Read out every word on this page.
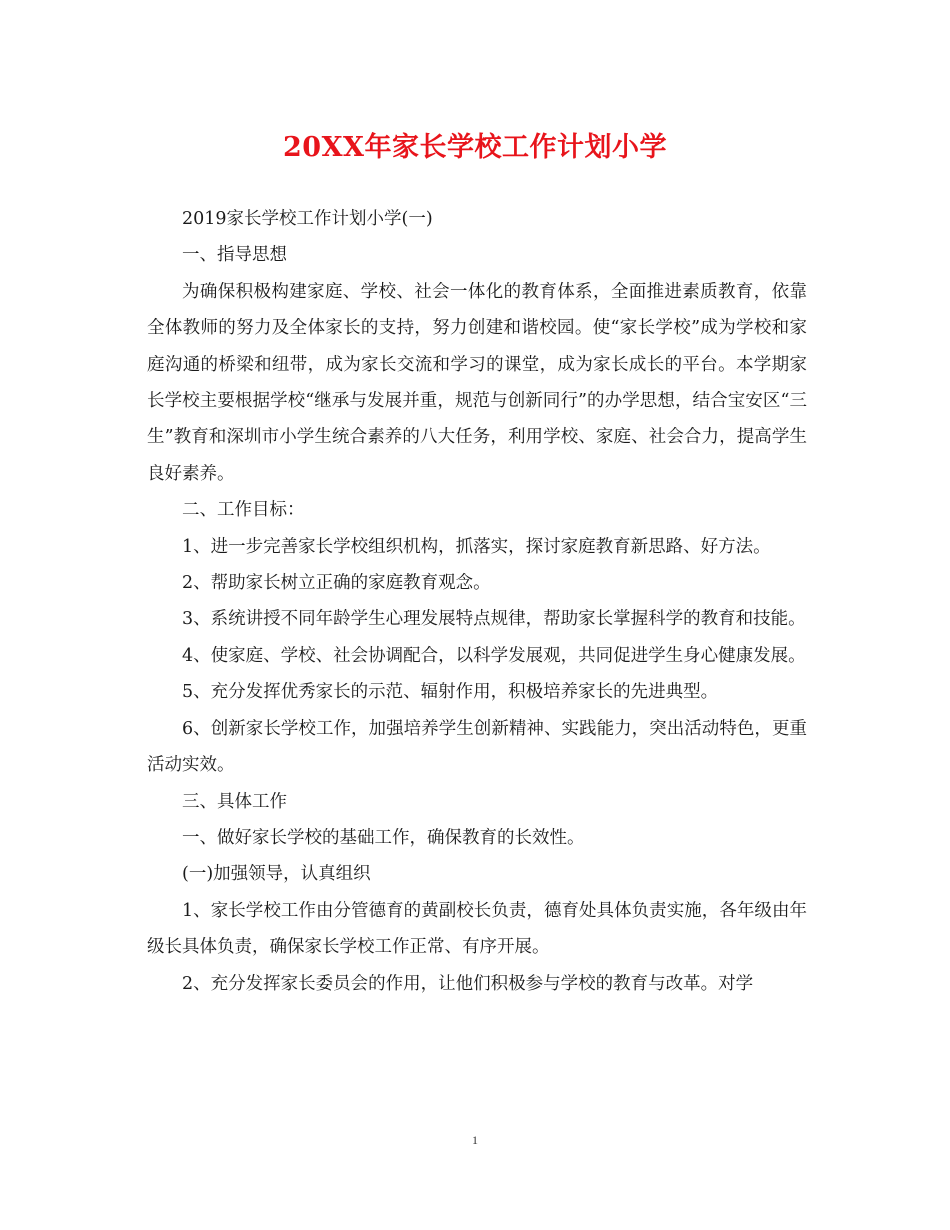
20XX年家长学校工作计划小学

2019家长学校工作计划小学(一)

一、指导思想

为确保积极构建家庭、学校、社会一体化的教育体系，全面推进素质教育，依靠全体教师的努力及全体家长的支持，努力创建和谐校园。使“家长学校”成为学校和家庭沟通的桥梁和纽带，成为家长交流和学习的课堂，成为家长成长的平台。本学期家长学校主要根据学校“继承与发展并重，规范与创新同行”的办学思想，结合宝安区“三生”教育和深圳市小学生统合素养的八大任务，利用学校、家庭、社会合力，提高学生良好素养。

二、工作目标：

1、进一步完善家长学校组织机构，抓落实，探讨家庭教育新思路、好方法。

2、帮助家长树立正确的家庭教育观念。

3、系统讲授不同年龄学生心理发展特点规律，帮助家长掌握科学的教育和技能。

4、使家庭、学校、社会协调配合，以科学发展观，共同促进学生身心健康发展。

5、充分发挥优秀家长的示范、辐射作用，积极培养家长的先进典型。

6、创新家长学校工作，加强培养学生创新精神、实践能力，突出活动特色，更重活动实效。

三、具体工作

一、做好家长学校的基础工作，确保教育的长效性。

(一)加强领导，认真组织

1、家长学校工作由分管德育的黄副校长负责，德育处具体负责实施，各年级由年级长具体负责，确保家长学校工作正常、有序开展。

2、充分发挥家长委员会的作用，让他们积极参与学校的教育与改革。对学

1
